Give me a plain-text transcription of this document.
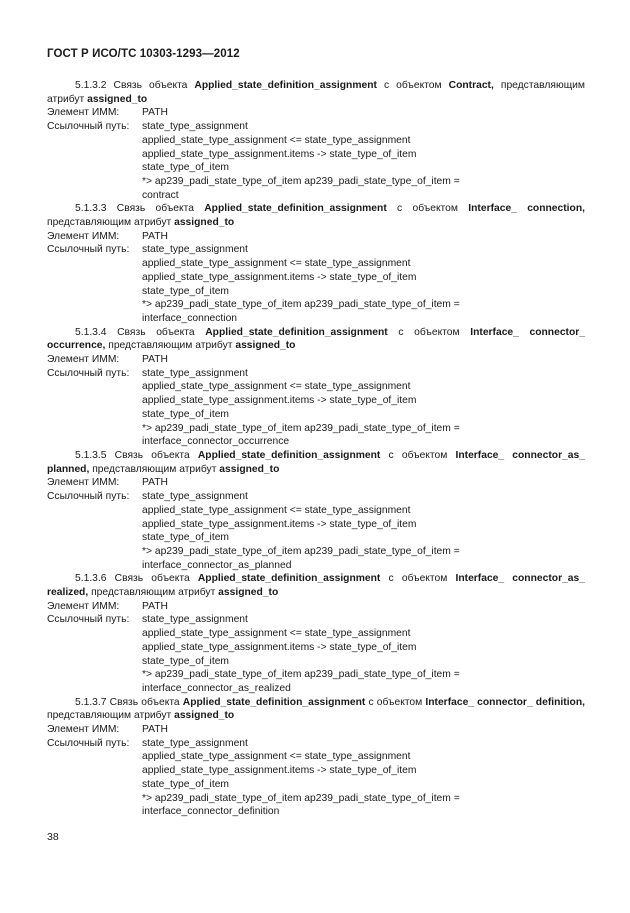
ГОСТ Р ИСО/ТС 10303-1293—2012
5.1.3.2 Связь объекта Applied_state_definition_assignment с объектом Contract, представляющим атрибут assigned_to
Элемент ИММ:	PATH
Ссылочный путь:	state_type_assignment
applied_state_type_assignment <= state_type_assignment
applied_state_type_assignment.items -> state_type_of_item
state_type_of_item
*> ap239_padi_state_type_of_item ap239_padi_state_type_of_item =
contract
5.1.3.3 Связь объекта Applied_state_definition_assignment с объектом Interface_ connection, представляющим атрибут assigned_to
Элемент ИММ:	PATH
Ссылочный путь:	state_type_assignment
applied_state_type_assignment <= state_type_assignment
applied_state_type_assignment.items -> state_type_of_item
state_type_of_item
*> ap239_padi_state_type_of_item ap239_padi_state_type_of_item =
interface_connection
5.1.3.4 Связь объекта Applied_state_definition_assignment с объектом Interface_ connector_ occurrence, представляющим атрибут assigned_to
Элемент ИММ:	PATH
Ссылочный путь:	state_type_assignment
applied_state_type_assignment <= state_type_assignment
applied_state_type_assignment.items -> state_type_of_item
state_type_of_item
*> ap239_padi_state_type_of_item ap239_padi_state_type_of_item =
interface_connector_occurrence
5.1.3.5 Связь объекта Applied_state_definition_assignment с объектом Interface_ connector_as_ planned, представляющим атрибут assigned_to
Элемент ИММ:	PATH
Ссылочный путь:	state_type_assignment
applied_state_type_assignment <= state_type_assignment
applied_state_type_assignment.items -> state_type_of_item
state_type_of_item
*> ap239_padi_state_type_of_item ap239_padi_state_type_of_item =
interface_connector_as_planned
5.1.3.6 Связь объекта Applied_state_definition_assignment с объектом Interface_ connector_as_ realized, представляющим атрибут assigned_to
Элемент ИММ:	PATH
Ссылочный путь:	state_type_assignment
applied_state_type_assignment <= state_type_assignment
applied_state_type_assignment.items -> state_type_of_item
state_type_of_item
*> ap239_padi_state_type_of_item ap239_padi_state_type_of_item =
interface_connector_as_realized
5.1.3.7 Связь объекта Applied_state_definition_assignment с объектом Interface_ connector_ definition, представляющим атрибут assigned_to
Элемент ИММ:	PATH
Ссылочный путь:	state_type_assignment
applied_state_type_assignment <= state_type_assignment
applied_state_type_assignment.items -> state_type_of_item
state_type_of_item
*> ap239_padi_state_type_of_item ap239_padi_state_type_of_item =
interface_connector_definition
38
